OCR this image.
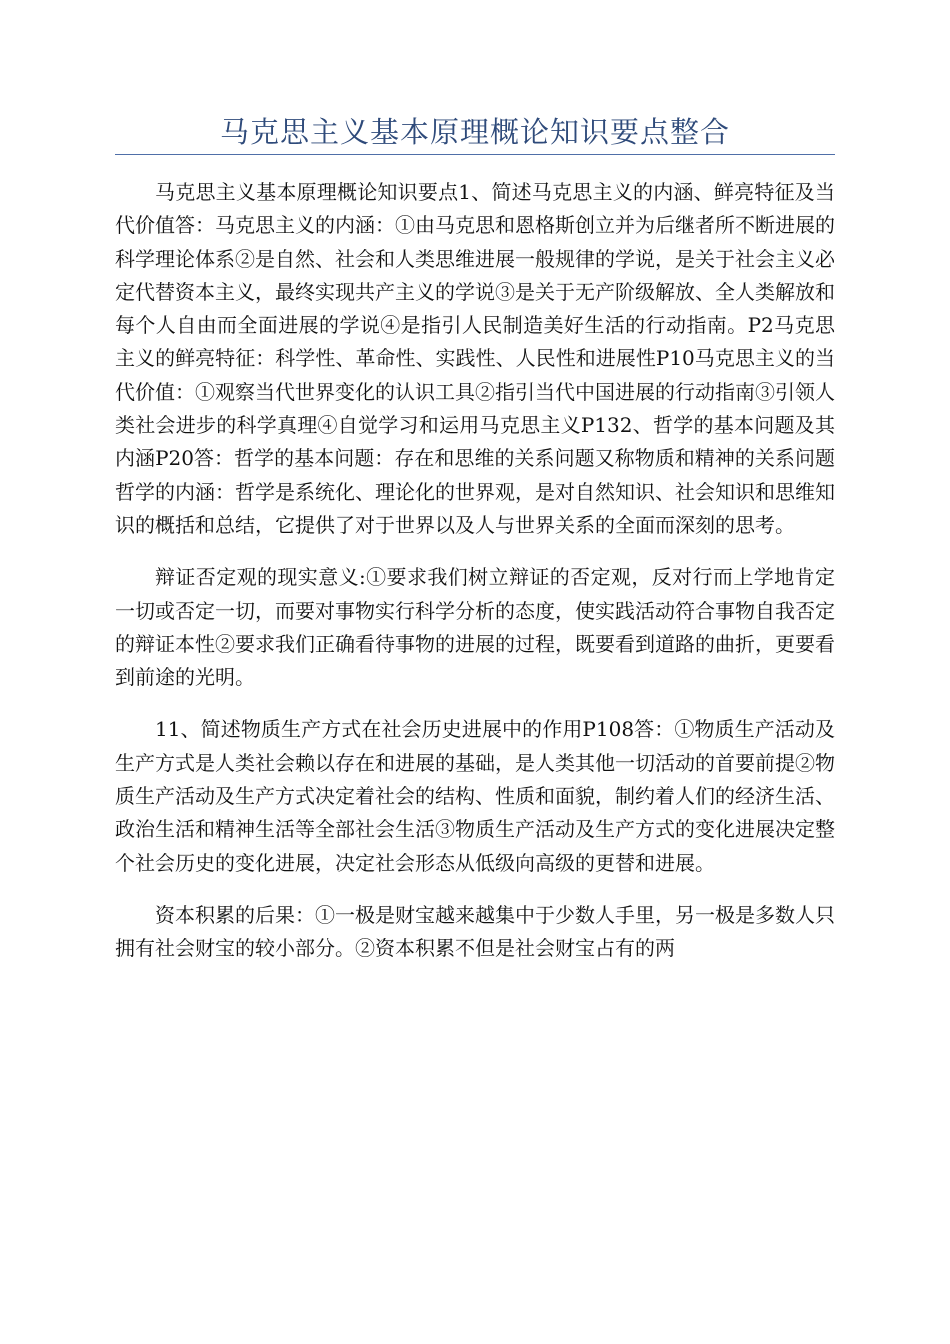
马克思主义基本原理概论知识要点整合

马克思主义基本原理概论知识要点1、简述马克思主义的内涵、鲜亮特征及当代价值答：马克思主义的内涵：①由马克思和恩格斯创立并为后继者所不断进展的科学理论体系②是自然、社会和人类思维进展一般规律的学说，是关于社会主义必定代替资本主义，最终实现共产主义的学说③是关于无产阶级解放、全人类解放和每个人自由而全面进展的学说④是指引人民制造美好生活的行动指南。P2马克思主义的鲜亮特征：科学性、革命性、实践性、人民性和进展性P10马克思主义的当代价值：①观察当代世界变化的认识工具②指引当代中国进展的行动指南③引领人类社会进步的科学真理④自觉学习和运用马克思主义P132、哲学的基本问题及其内涵P20答：哲学的基本问题：存在和思维的关系问题又称物质和精神的关系问题哲学的内涵：哲学是系统化、理论化的世界观，是对自然知识、社会知识和思维知识的概括和总结，它提供了对于世界以及人与世界关系的全面而深刻的思考。

辩证否定观的现实意义:①要求我们树立辩证的否定观，反对行而上学地肯定一切或否定一切，而要对事物实行科学分析的态度，使实践活动符合事物自我否定的辩证本性②要求我们正确看待事物的进展的过程，既要看到道路的曲折，更要看到前途的光明。

11、简述物质生产方式在社会历史进展中的作用P108答：①物质生产活动及生产方式是人类社会赖以存在和进展的基础，是人类其他一切活动的首要前提②物质生产活动及生产方式决定着社会的结构、性质和面貌，制约着人们的经济生活、政治生活和精神生活等全部社会生活③物质生产活动及生产方式的变化进展决定整个社会历史的变化进展，决定社会形态从低级向高级的更替和进展。

资本积累的后果：①一极是财宝越来越集中于少数人手里，另一极是多数人只拥有社会财宝的较小部分。②资本积累不但是社会财宝占有的两
